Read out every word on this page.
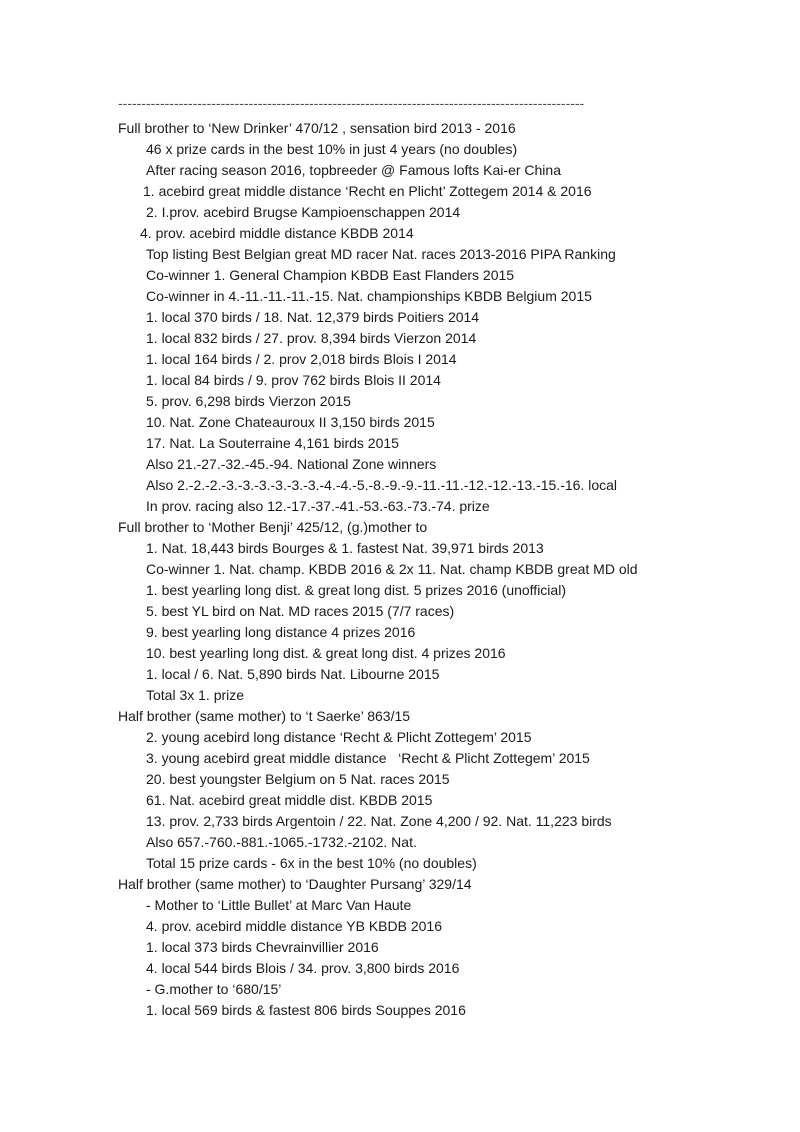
----------------------------------------------------------------------------------------------------
Full brother to ‘New Drinker’ 470/12 , sensation bird 2013 - 2016
46 x prize cards in the best 10% in just 4 years (no doubles)
After racing season 2016, topbreeder @ Famous lofts Kai-er China
1. acebird great middle distance ‘Recht en Plicht’ Zottegem 2014 & 2016
2. I.prov. acebird Brugse Kampioenschappen 2014
4. prov. acebird middle distance KBDB 2014
Top listing Best Belgian great MD racer Nat. races 2013-2016 PIPA Ranking
Co-winner 1. General Champion KBDB East Flanders 2015
Co-winner in 4.-11.-11.-11.-15. Nat. championships KBDB Belgium 2015
1. local 370 birds / 18. Nat. 12,379 birds Poitiers 2014
1. local 832 birds / 27. prov. 8,394 birds Vierzon 2014
1. local 164 birds / 2. prov 2,018 birds Blois I 2014
1. local 84 birds / 9. prov 762 birds Blois II 2014
5. prov. 6,298 birds Vierzon 2015
10. Nat. Zone Chateauroux II 3,150 birds 2015
17. Nat. La Souterraine 4,161 birds 2015
Also 21.-27.-32.-45.-94. National Zone winners
Also 2.-2.-2.-3.-3.-3.-3.-3.-3.-4.-4.-5.-8.-9.-9.-11.-11.-12.-12.-13.-15.-16. local
In prov. racing also 12.-17.-37.-41.-53.-63.-73.-74. prize
Full brother to ‘Mother Benji’ 425/12, (g.)mother to
1. Nat. 18,443 birds Bourges & 1. fastest Nat. 39,971 birds 2013
Co-winner 1. Nat. champ. KBDB 2016 & 2x 11. Nat. champ KBDB great MD old
1. best yearling long dist. & great long dist. 5 prizes 2016 (unofficial)
5. best YL bird on Nat. MD races 2015 (7/7 races)
9. best yearling long distance 4 prizes 2016
10. best yearling long dist. & great long dist. 4 prizes 2016
1. local / 6. Nat. 5,890 birds Nat. Libourne 2015
Total 3x 1. prize
Half brother (same mother) to ‘t Saerke’ 863/15
2. young acebird long distance ‘Recht & Plicht Zottegem’ 2015
3. young acebird great middle distance   ‘Recht & Plicht Zottegem’ 2015
20. best youngster Belgium on 5 Nat. races 2015
61. Nat. acebird great middle dist. KBDB 2015
13. prov. 2,733 birds Argentoin / 22. Nat. Zone 4,200 / 92. Nat. 11,223 birds
Also 657.-760.-881.-1065.-1732.-2102. Nat.
Total 15 prize cards - 6x in the best 10% (no doubles)
Half brother (same mother) to ‘Daughter Pursang’ 329/14
- Mother to ‘Little Bullet’ at Marc Van Haute
4. prov. acebird middle distance YB KBDB 2016
1. local 373 birds Chevrainvillier 2016
4. local 544 birds Blois / 34. prov. 3,800 birds 2016
- G.mother to ‘680/15’
1. local 569 birds & fastest 806 birds Souppes 2016
